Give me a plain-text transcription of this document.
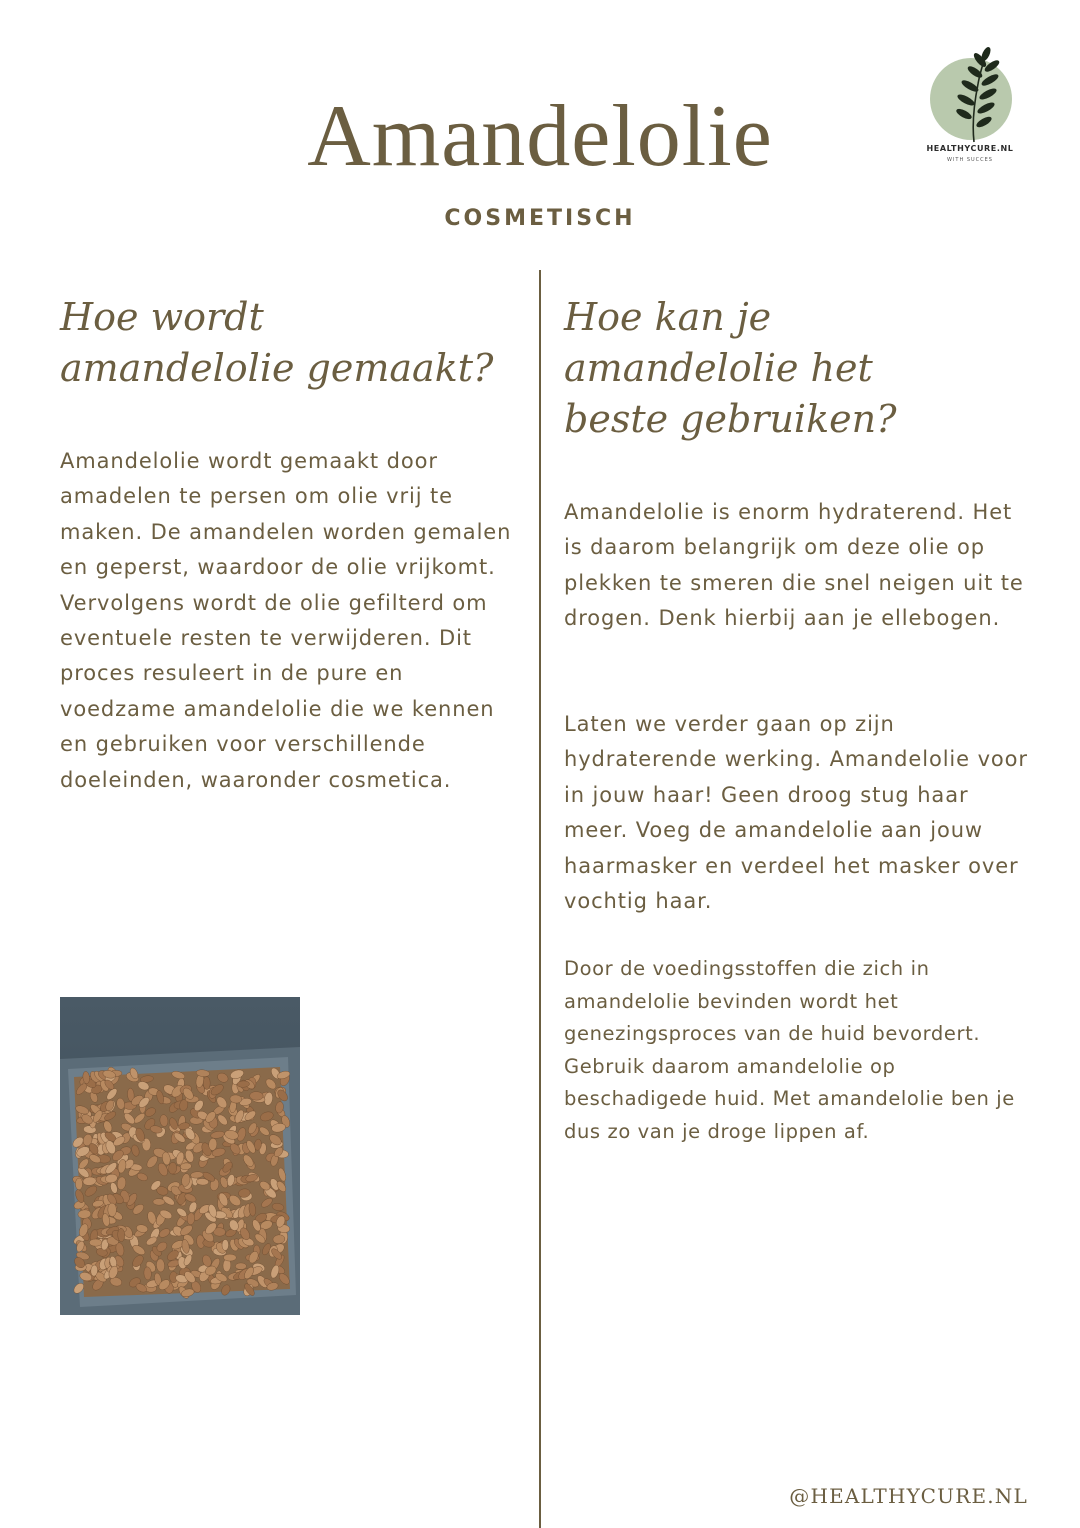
Amandelolie
COSMETISCH
HEALTHYCURE.NL
WITH SUCCES
Hoe wordt amandelolie gemaakt?

Amandelolie wordt gemaakt door amadelen te persen om olie vrij te maken. De amandelen worden gemalen en geperst, waardoor de olie vrijkomt. Vervolgens wordt de olie gefilterd om eventuele resten te verwijderen. Dit proces resuleert in de pure en voedzame amandelolie die we kennen en gebruiken voor verschillende doeleinden, waaronder cosmetica.

Hoe kan je amandelolie het beste gebruiken?

Amandelolie is enorm hydraterend. Het is daarom belangrijk om deze olie op plekken te smeren die snel neigen uit te drogen. Denk hierbij aan je ellebogen.

Laten we verder gaan op zijn hydraterende werking. Amandelolie voor in jouw haar! Geen droog stug haar meer. Voeg de amandelolie aan jouw haarmasker en verdeel het masker over vochtig haar.

Door de voedingsstoffen die zich in amandelolie bevinden wordt het genezingsproces van de huid bevordert. Gebruik daarom amandelolie op beschadigede huid. Met amandelolie ben je dus zo van je droge lippen af.

@HEALTHYCURE.NL
